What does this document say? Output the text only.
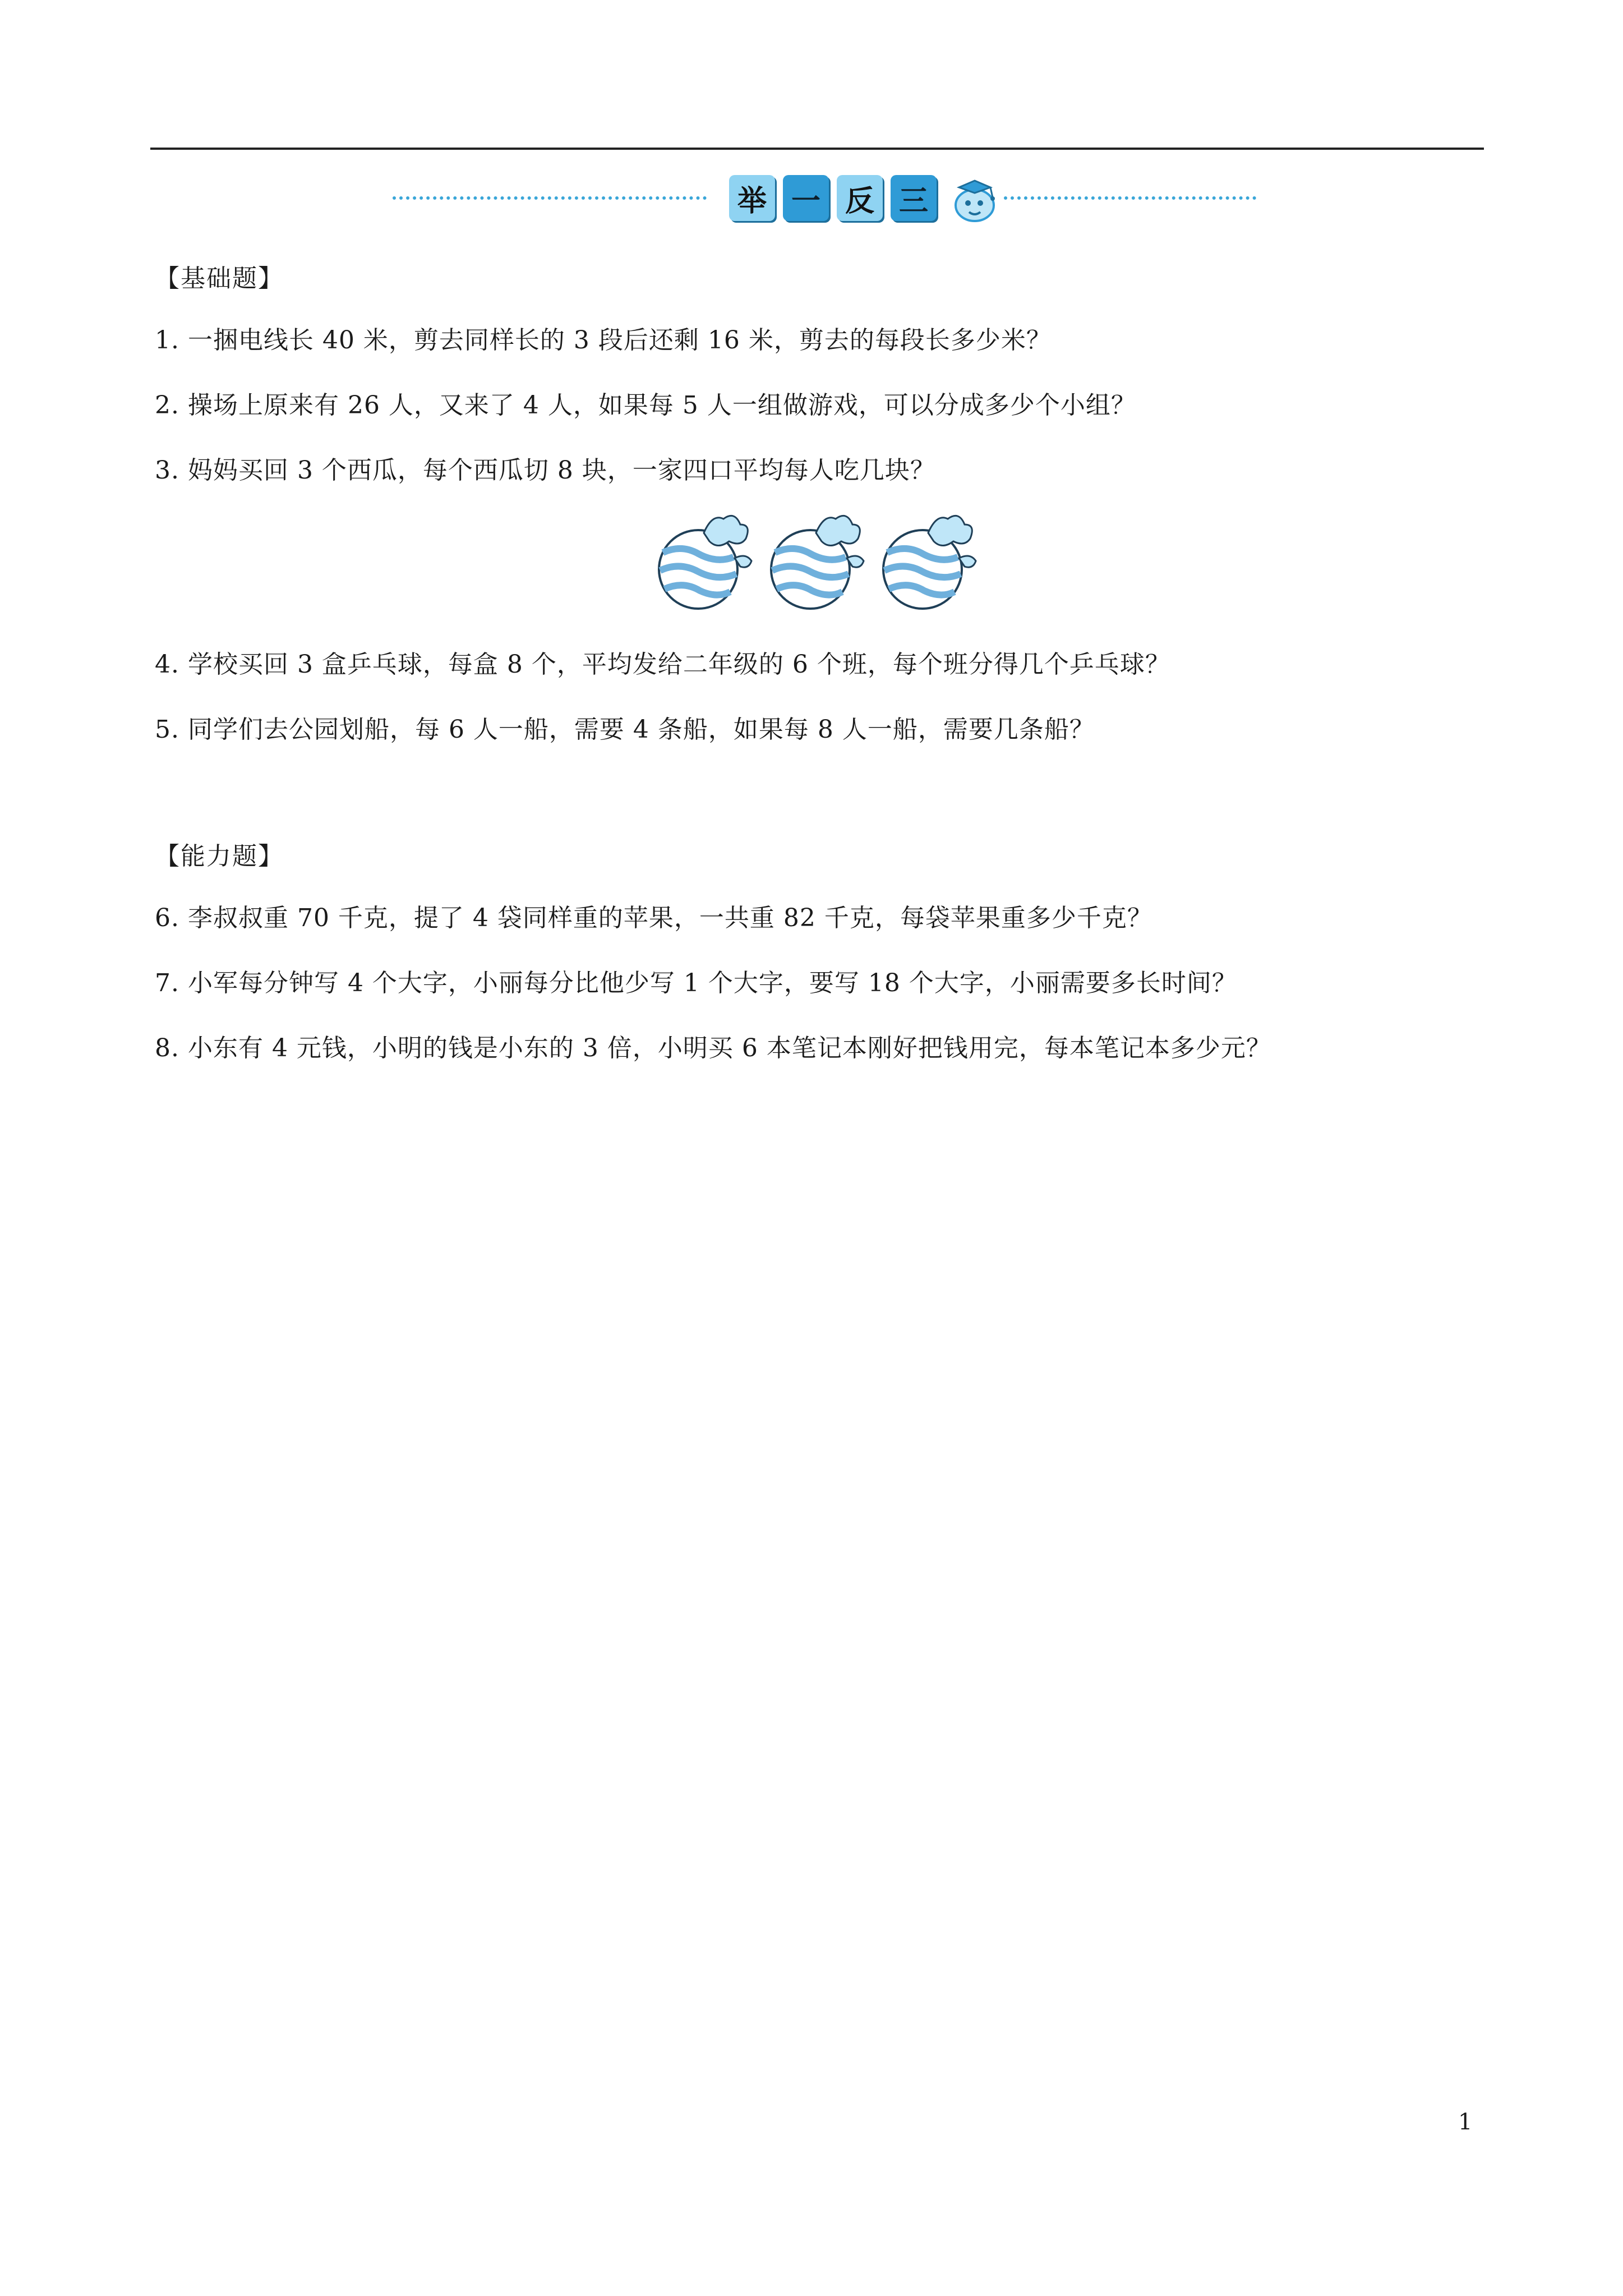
举 一 反 三
【基础题】
1. 一捆电线长 40 米，剪去同样长的 3 段后还剩 16 米，剪去的每段长多少米？
2. 操场上原来有 26 人，又来了 4 人，如果每 5 人一组做游戏，可以分成多少个小组？
3. 妈妈买回 3 个西瓜，每个西瓜切 8 块，一家四口平均每人吃几块？
4. 学校买回 3 盒乒乓球，每盒 8 个，平均发给二年级的 6 个班，每个班分得几个乒乓球？
5. 同学们去公园划船，每 6 人一船，需要 4 条船，如果每 8 人一船，需要几条船？
【能力题】
6. 李叔叔重 70 千克，提了 4 袋同样重的苹果，一共重 82 千克，每袋苹果重多少千克？
7. 小军每分钟写 4 个大字，小丽每分比他少写 1 个大字，要写 18 个大字，小丽需要多长时间？
8. 小东有 4 元钱，小明的钱是小东的 3 倍，小明买 6 本笔记本刚好把钱用完，每本笔记本多少元？
1
